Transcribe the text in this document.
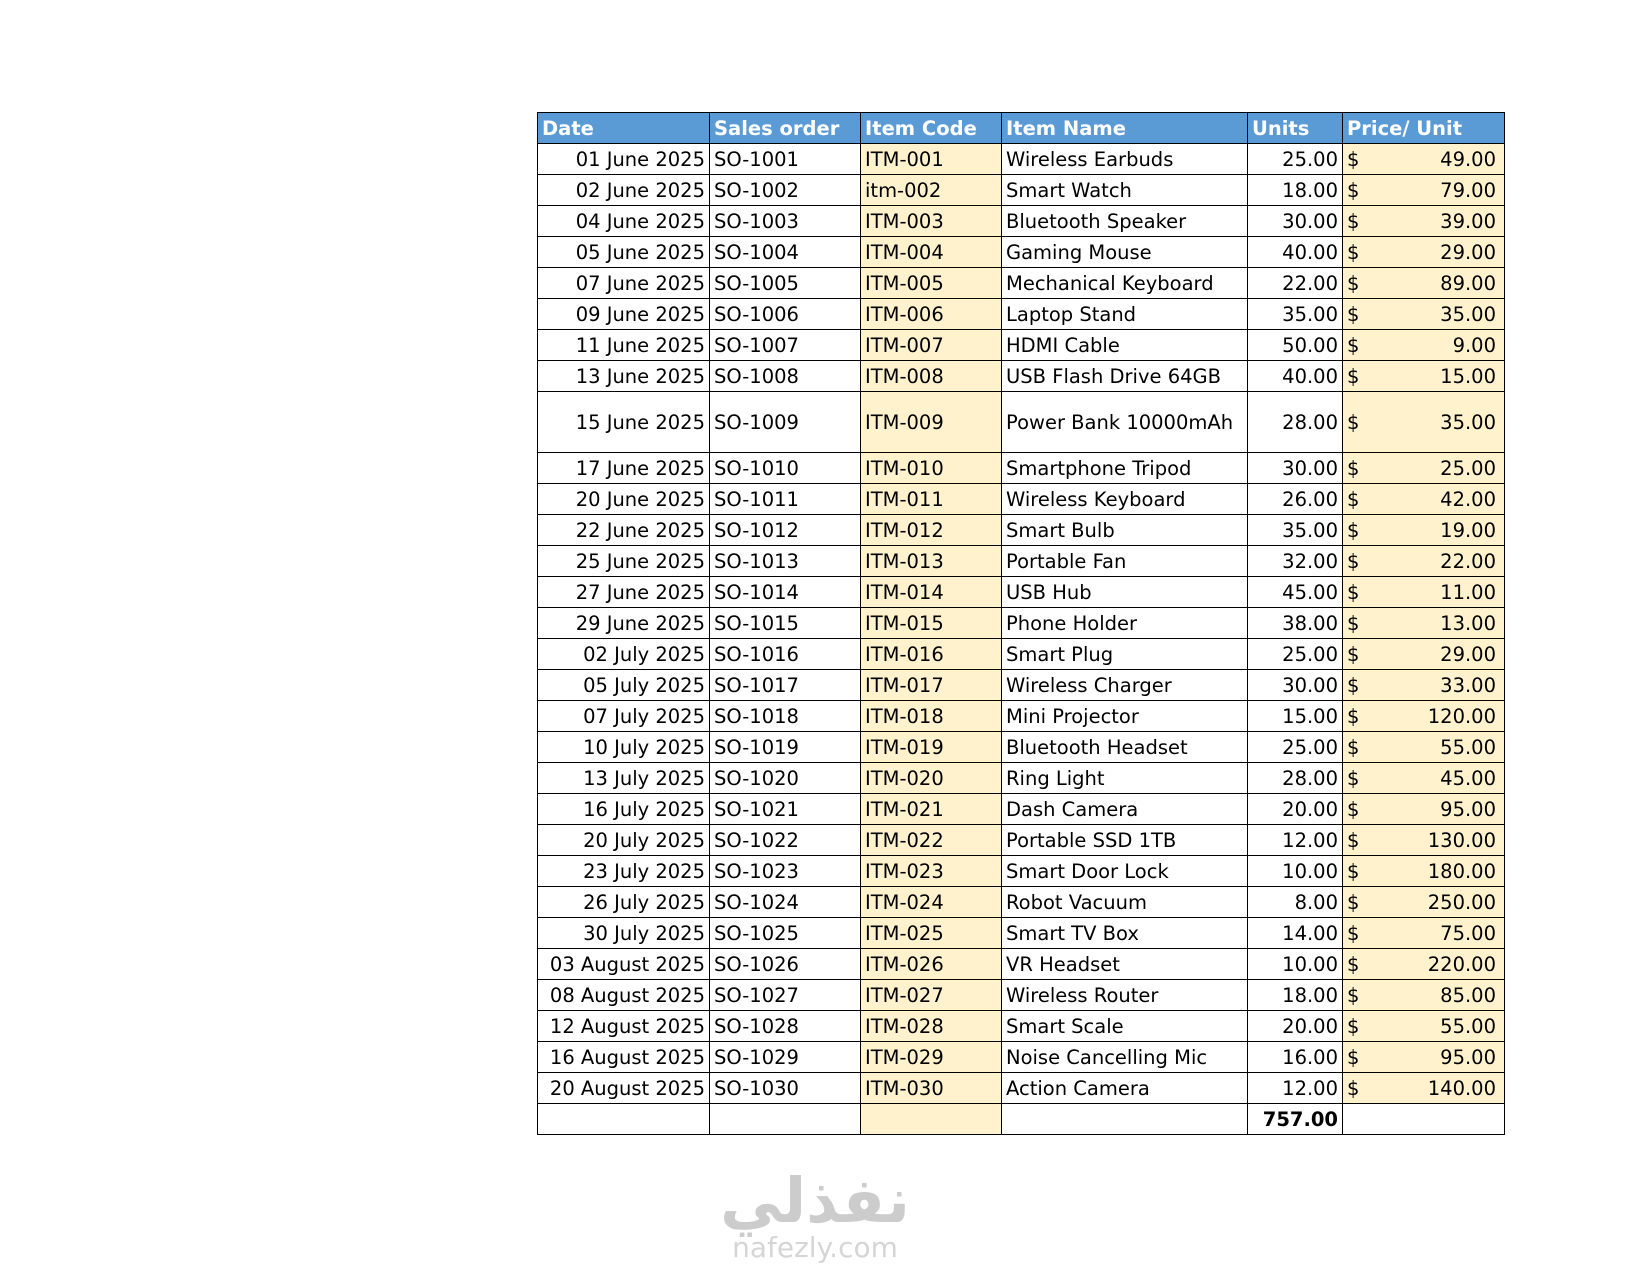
Date	Sales order	Item Code	Item Name	Units	Price/ Unit
01 June 2025	SO-1001	ITM-001	Wireless Earbuds	25.00	$ 49.00

02 June 2025	SO-1002	itm-002	Smart Watch	18.00	$ 79.00

04 June 2025	SO-1003	ITM-003	Bluetooth Speaker	30.00	$ 39.00

05 June 2025	SO-1004	ITM-004	Gaming Mouse	40.00	$ 29.00

07 June 2025	SO-1005	ITM-005	Mechanical Keyboard	22.00	$ 89.00

09 June 2025	SO-1006	ITM-006	Laptop Stand	35.00	$ 35.00

11 June 2025	SO-1007	ITM-007	HDMI Cable	50.00	$ 9.00

13 June 2025	SO-1008	ITM-008	USB Flash Drive 64GB	40.00	$ 15.00

15 June 2025	SO-1009	ITM-009	Power Bank 10000mAh	28.00	$ 35.00

17 June 2025	SO-1010	ITM-010	Smartphone Tripod	30.00	$ 25.00

20 June 2025	SO-1011	ITM-011	Wireless Keyboard	26.00	$ 42.00

22 June 2025	SO-1012	ITM-012	Smart Bulb	35.00	$ 19.00

25 June 2025	SO-1013	ITM-013	Portable Fan	32.00	$ 22.00

27 June 2025	SO-1014	ITM-014	USB Hub	45.00	$ 11.00

29 June 2025	SO-1015	ITM-015	Phone Holder	38.00	$ 13.00

02 July 2025	SO-1016	ITM-016	Smart Plug	25.00	$ 29.00

05 July 2025	SO-1017	ITM-017	Wireless Charger	30.00	$ 33.00

07 July 2025	SO-1018	ITM-018	Mini Projector	15.00	$ 120.00

10 July 2025	SO-1019	ITM-019	Bluetooth Headset	25.00	$ 55.00

13 July 2025	SO-1020	ITM-020	Ring Light	28.00	$ 45.00

16 July 2025	SO-1021	ITM-021	Dash Camera	20.00	$ 95.00

20 July 2025	SO-1022	ITM-022	Portable SSD 1TB	12.00	$ 130.00

23 July 2025	SO-1023	ITM-023	Smart Door Lock	10.00	$ 180.00

26 July 2025	SO-1024	ITM-024	Robot Vacuum	8.00	$ 250.00

30 July 2025	SO-1025	ITM-025	Smart TV Box	14.00	$ 75.00

03 August 2025	SO-1026	ITM-026	VR Headset	10.00	$ 220.00

08 August 2025	SO-1027	ITM-027	Wireless Router	18.00	$ 85.00

12 August 2025	SO-1028	ITM-028	Smart Scale	20.00	$ 55.00

16 August 2025	SO-1029	ITM-029	Noise Cancelling Mic	16.00	$ 95.00

20 August 2025	SO-1030	ITM-030	Action Camera	12.00	$ 140.00

				757.00	
نفذلي
nafezly.com
